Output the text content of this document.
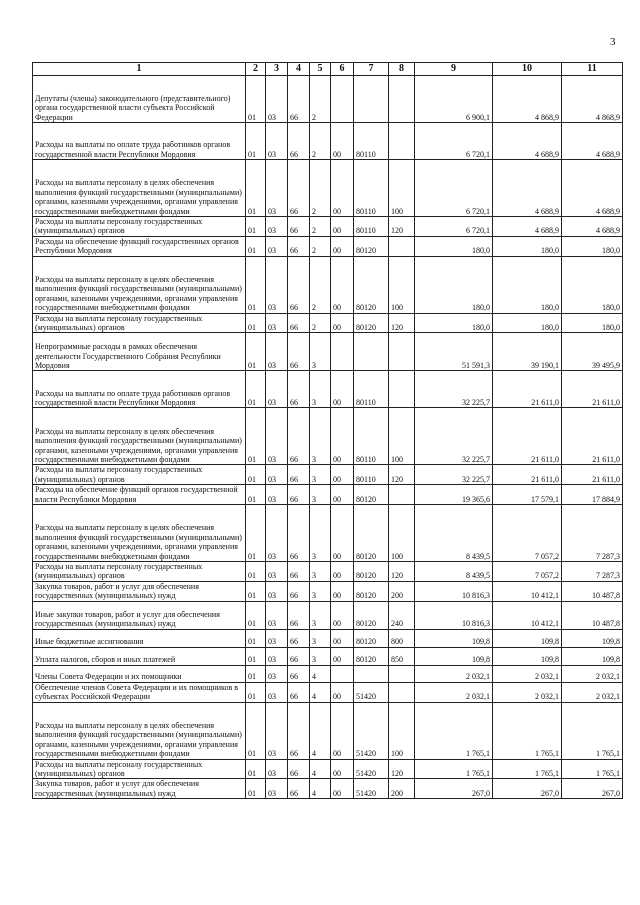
3
1	2	3	4	5	6	7	8	9	10	11
Депутаты (члены) законодательного (представительного) органа государственной власти субъекта Российской Федерации	01	03	66	2				6 900,1	4 868,9	4 868,9
Расходы на выплаты по оплате труда работников органов государственной власти Республики Мордовия	01	03	66	2	00	80110		6 720,1	4 688,9	4 688,9
Расходы на выплаты персоналу в целях обеспечения выполнения функций государственными (муниципальными) органами, казенными учреждениями, органами управления государственными внебюджетными фондами	01	03	66	2	00	80110	100	6 720,1	4 688,9	4 688,9
Расходы на выплаты персоналу государственных (муниципальных) органов	01	03	66	2	00	80110	120	6 720,1	4 688,9	4 688,9
Расходы на обеспечение функций государственных органов Республики Мордовия	01	03	66	2	00	80120		180,0	180,0	180,0
Расходы на выплаты персоналу в целях обеспечения выполнения функций государственными (муниципальными) органами, казенными учреждениями, органами управления государственными внебюджетными фондами	01	03	66	2	00	80120	100	180,0	180,0	180,0
Расходы на выплаты персоналу государственных (муниципальных) органов	01	03	66	2	00	80120	120	180,0	180,0	180,0
Непрограммные расходы в рамках обеспечения деятельности Государственного Собрания Республики Мордовия	01	03	66	3				51 591,3	39 190,1	39 495,9
Расходы на выплаты по оплате труда работников органов государственной власти Республики Мордовия	01	03	66	3	00	80110		32 225,7	21 611,0	21 611,0
Расходы на выплаты персоналу в целях обеспечения выполнения функций государственными (муниципальными) органами, казенными учреждениями, органами управления государственными внебюджетными фондами	01	03	66	3	00	80110	100	32 225,7	21 611,0	21 611,0
Расходы на выплаты персоналу государственных (муниципальных) органов	01	03	66	3	00	80110	120	32 225,7	21 611,0	21 611,0
Расходы на обеспечение функций органов государственной власти Республики Мордовия	01	03	66	3	00	80120		19 365,6	17 579,1	17 884,9
Расходы на выплаты персоналу в целях обеспечения выполнения функций государственными (муниципальными) органами, казенными учреждениями, органами управления государственными внебюджетными фондами	01	03	66	3	00	80120	100	8 439,5	7 057,2	7 287,3
Расходы на выплаты персоналу государственных (муниципальных) органов	01	03	66	3	00	80120	120	8 439,5	7 057,2	7 287,3
Закупка товаров, работ и услуг для обеспечения государственных (муниципальных) нужд	01	03	66	3	00	80120	200	10 816,3	10 412,1	10 487,8
Иные закупки товаров, работ и услуг для обеспечения государственных (муниципальных) нужд	01	03	66	3	00	80120	240	10 816,3	10 412,1	10 487,8
Иные бюджетные ассигнования	01	03	66	3	00	80120	800	109,8	109,8	109,8
Уплата налогов, сборов и иных платежей	01	03	66	3	00	80120	850	109,8	109,8	109,8
Члены Совета Федерации и их помощники	01	03	66	4				2 032,1	2 032,1	2 032,1
Обеспечение членов Совета Федерации и их помощников в субъектах Российской Федерации	01	03	66	4	00	51420		2 032,1	2 032,1	2 032,1
Расходы на выплаты персоналу в целях обеспечения выполнения функций государственными (муниципальными) органами, казенными учреждениями, органами управления государственными внебюджетными фондами	01	03	66	4	00	51420	100	1 765,1	1 765,1	1 765,1
Расходы на выплаты персоналу государственных (муниципальных) органов	01	03	66	4	00	51420	120	1 765,1	1 765,1	1 765,1
Закупка товаров, работ и услуг для обеспечения государственных (муниципальных) нужд	01	03	66	4	00	51420	200	267,0	267,0	267,0
